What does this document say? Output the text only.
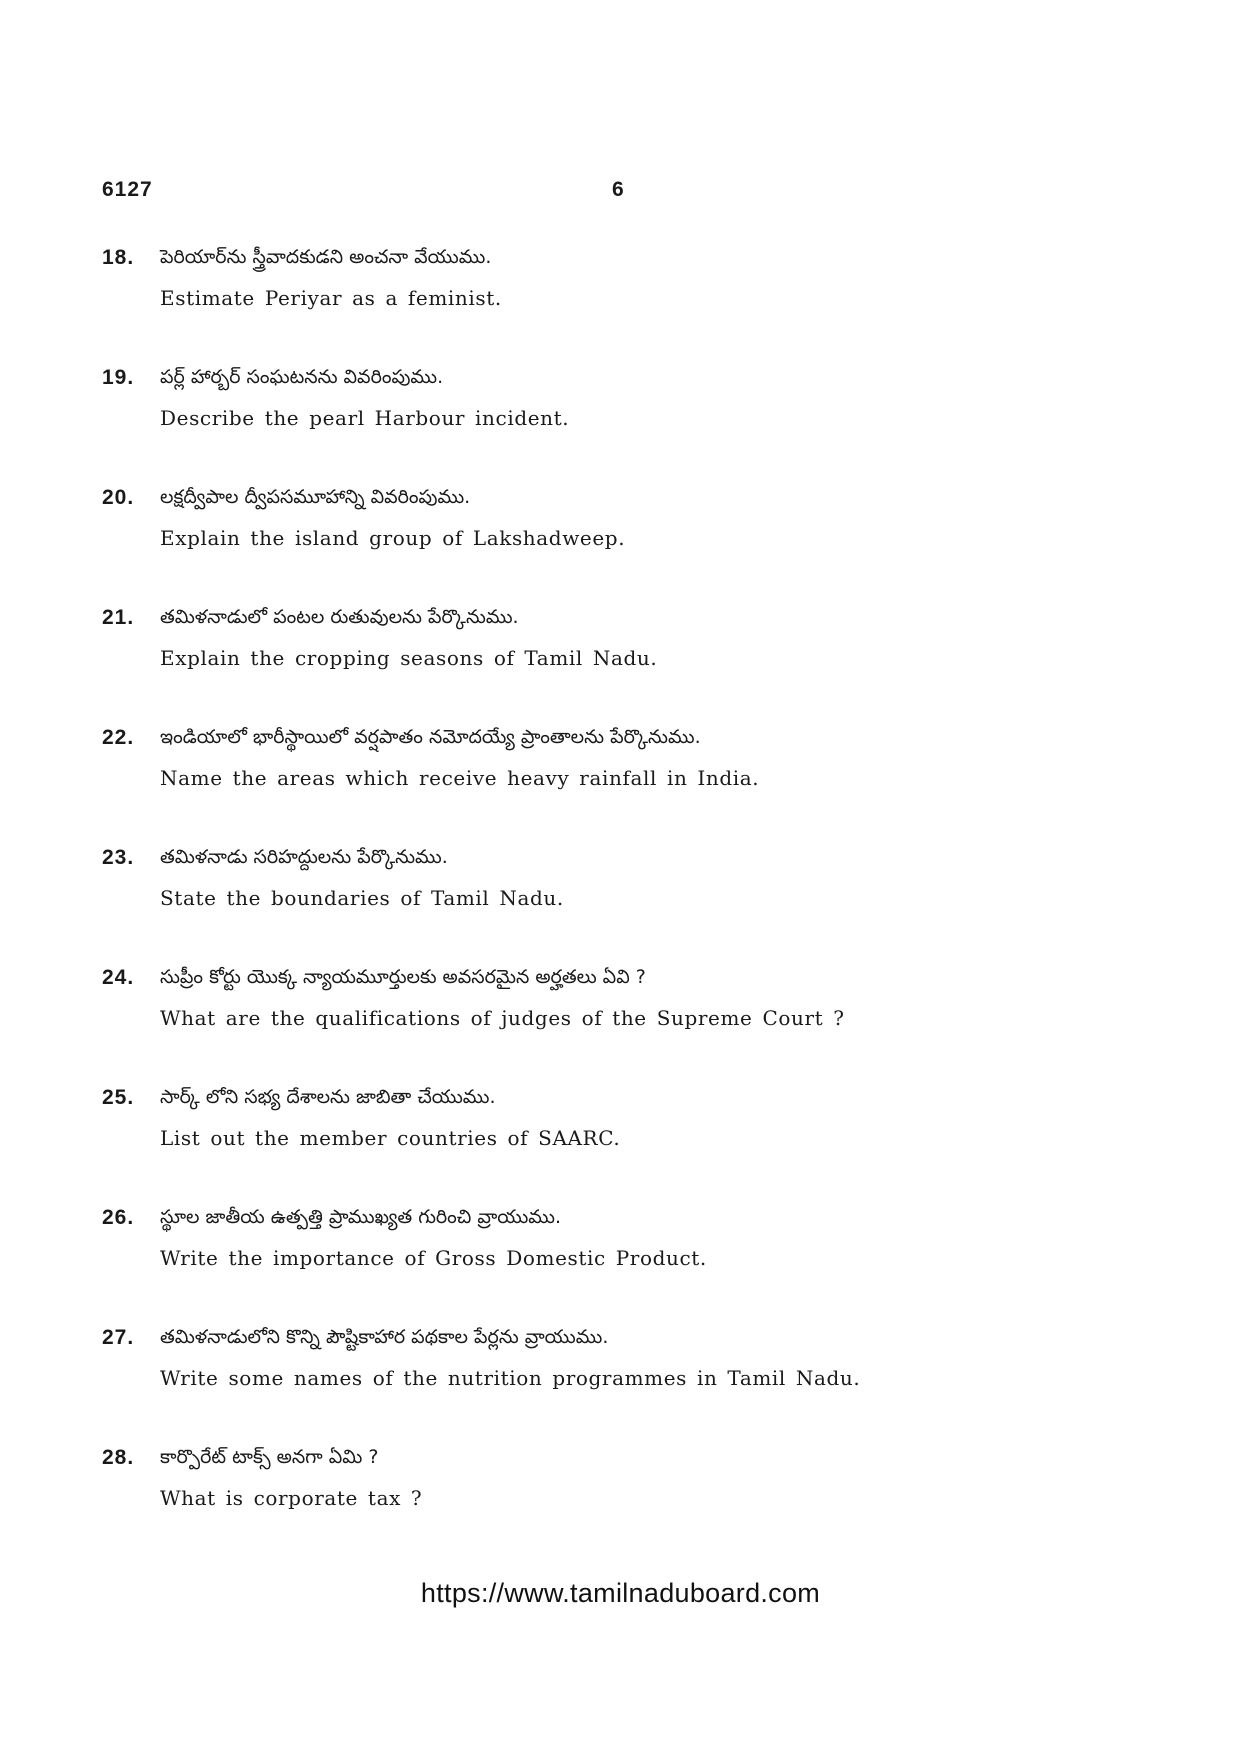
6127	6
18. పెరియార్‌ను స్త్రీవాదకుడని అంచనా వేయుము.
Estimate Periyar as a feminist.
19. పర్ల్ హార్బర్ సంఘటనను వివరింపుము.
Describe the pearl Harbour incident.
20. లక్షద్వీపాల ద్వీపసమూహాన్ని వివరింపుము.
Explain the island group of Lakshadweep.
21. తమిళనాడులో పంటల రుతువులను పేర్కొనుము.
Explain the cropping seasons of Tamil Nadu.
22. ఇండియాలో భారీస్థాయిలో వర్షపాతం నమోదయ్యే ప్రాంతాలను పేర్కొనుము.
Name the areas which receive heavy rainfall in India.
23. తమిళనాడు సరిహద్దులను పేర్కొనుము.
State the boundaries of Tamil Nadu.
24. సుప్రీం కోర్టు యొక్క న్యాయమూర్తులకు అవసరమైన అర్హతలు ఏవి ?
What are the qualifications of judges of the Supreme Court ?
25. సార్క్ లోని సభ్య దేశాలను జాబితా చేయుము.
List out the member countries of SAARC.
26. స్థూల జాతీయ ఉత్పత్తి ప్రాముఖ్యత గురించి వ్రాయుము.
Write the importance of Gross Domestic Product.
27. తమిళనాడులోని కొన్ని పౌష్టికాహార పథకాల పేర్లను వ్రాయుము.
Write some names of the nutrition programmes in Tamil Nadu.
28. కార్పొరేట్ టాక్స్ అనగా ఏమి ?
What is corporate tax ?
https://www.tamilnaduboard.com
